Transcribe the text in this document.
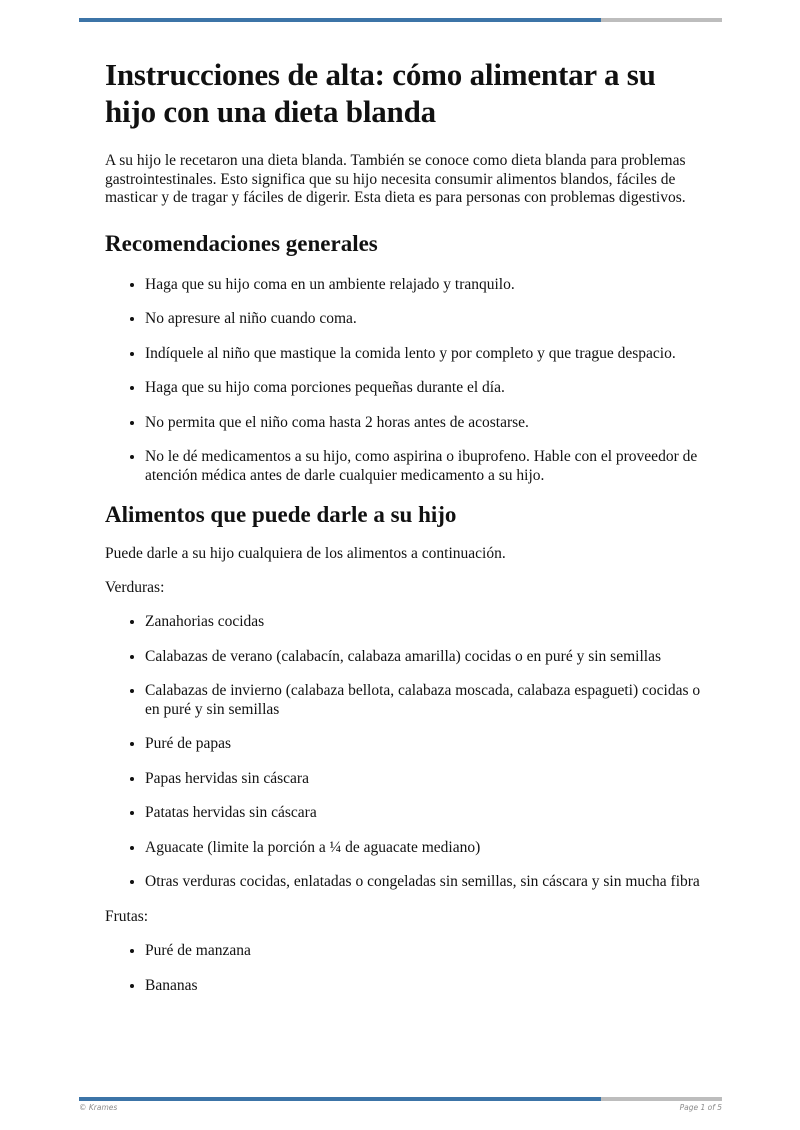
Instrucciones de alta: cómo alimentar a su hijo con una dieta blanda

A su hijo le recetaron una dieta blanda. También se conoce como dieta blanda para problemas gastrointestinales. Esto significa que su hijo necesita consumir alimentos blandos, fáciles de masticar y de tragar y fáciles de digerir. Esta dieta es para personas con problemas digestivos.

Recomendaciones generales
• Haga que su hijo coma en un ambiente relajado y tranquilo.
• No apresure al niño cuando coma.
• Indíquele al niño que mastique la comida lento y por completo y que trague despacio.
• Haga que su hijo coma porciones pequeñas durante el día.
• No permita que el niño coma hasta 2 horas antes de acostarse.
• No le dé medicamentos a su hijo, como aspirina o ibuprofeno. Hable con el proveedor de atención médica antes de darle cualquier medicamento a su hijo.
Alimentos que puede darle a su hijo

Puede darle a su hijo cualquiera de los alimentos a continuación.

Verduras:

• Zanahorias cocidas
• Calabazas de verano (calabacín, calabaza amarilla) cocidas o en puré y sin semillas
• Calabazas de invierno (calabaza bellota, calabaza moscada, calabaza espagueti) cocidas o en puré y sin semillas
• Puré de papas
• Papas hervidas sin cáscara
• Patatas hervidas sin cáscara
• Aguacate (limite la porción a ¼ de aguacate mediano)
• Otras verduras cocidas, enlatadas o congeladas sin semillas, sin cáscara y sin mucha fibra

Frutas:

• Puré de manzana
• Bananas
© Krames	Page 1 of 5
